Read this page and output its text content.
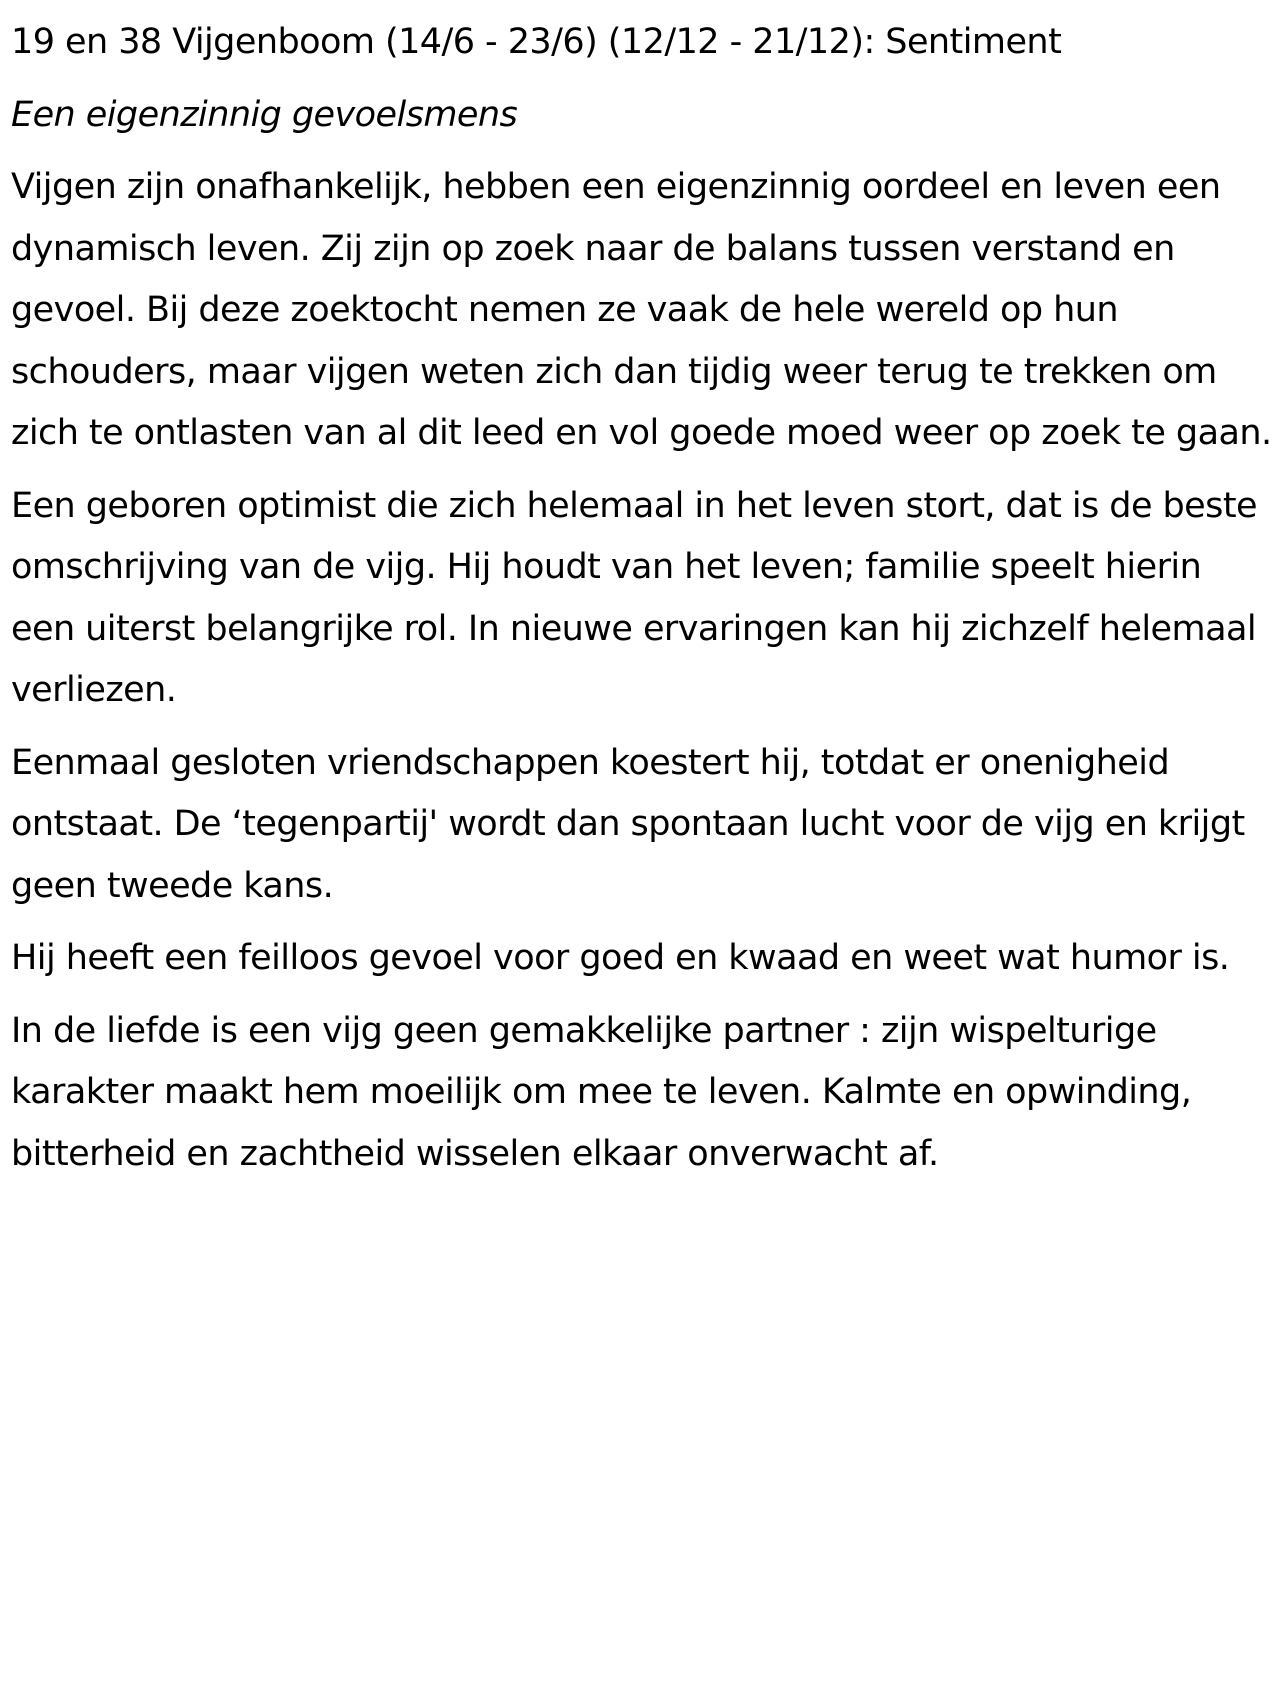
19 en 38 Vijgenboom (14/6 - 23/6) (12/12 - 21/12): Sentiment

Een eigenzinnig gevoelsmens

Vijgen zijn onafhankelijk, hebben een eigenzinnig oordeel en leven een dynamisch leven. Zij zijn op zoek naar de balans tussen verstand en gevoel. Bij deze zoektocht nemen ze vaak de hele wereld op hun schouders, maar vijgen weten zich dan tijdig weer terug te trekken om zich te ontlasten van al dit leed en vol goede moed weer op zoek te gaan.

Een geboren optimist die zich helemaal in het leven stort, dat is de beste omschrijving van de vijg. Hij houdt van het leven; familie speelt hierin een uiterst belangrijke rol. In nieuwe ervaringen kan hij zichzelf helemaal verliezen.

Eenmaal gesloten vriendschappen koestert hij, totdat er onenigheid ontstaat. De ‘tegenpartij' wordt dan spontaan lucht voor de vijg en krijgt geen tweede kans.

Hij heeft een feilloos gevoel voor goed en kwaad en weet wat humor is.

In de liefde is een vijg geen gemakkelijke partner : zijn wispelturige karakter maakt hem moeilijk om mee te leven. Kalmte en opwinding, bitterheid en zachtheid wisselen elkaar onverwacht af.
